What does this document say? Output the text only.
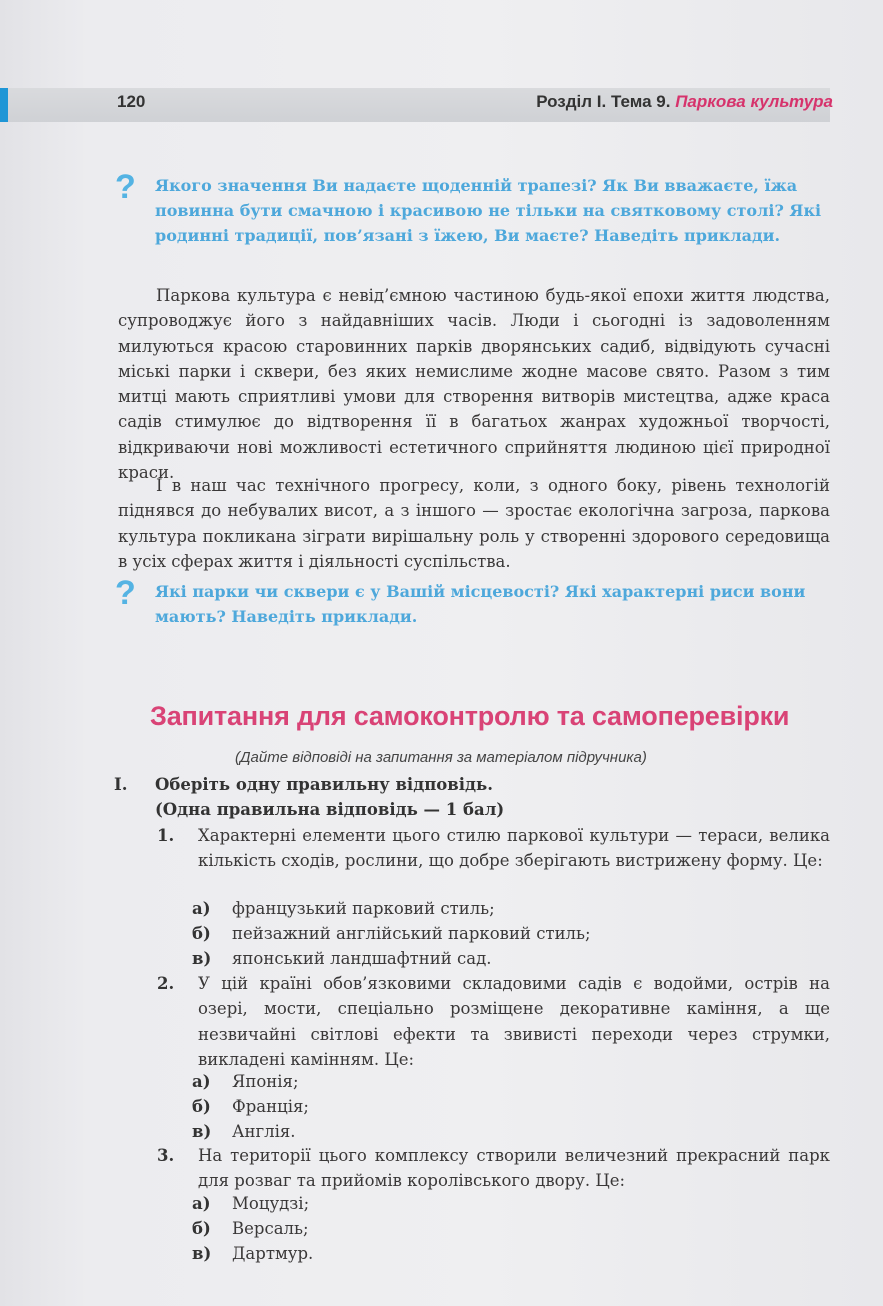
120	Розділ І. Тема 9. Паркова культура
? Якого значення Ви надаєте щоденній трапезі? Як Ви вважаєте, їжа повинна бути смачною і красивою не тільки на святковому столі? Які родинні традиції, пов’язані з їжею, Ви маєте? Наведіть приклади.

Паркова культура є невід’ємною частиною будь-якої епохи життя людства, супроводжує його з найдавніших часів. Люди і сьогодні із задоволенням милуються красою старовинних парків дворянських садиб, відвідують сучасні міські парки і сквери, без яких немислиме жодне масове свято. Разом з тим митці мають сприятливі умови для створення витворів мистецтва, адже краса садів стимулює до відтворення її в багатьох жанрах художньої творчості, відкриваючи нові можливості естетичного сприйняття людиною цієї природної краси.

І в наш час технічного прогресу, коли, з одного боку, рівень технологій піднявся до небувалих висот, а з іншого — зростає екологічна загроза, паркова культура покликана зіграти вирішальну роль у створенні здорового середовища в усіх сферах життя і діяльності суспільства.

? Які парки чи сквери є у Вашій місцевості? Які характерні риси вони мають? Наведіть приклади.
Запитання для самоконтролю та самоперевірки
(Дайте відповіді на запитання за матеріалом підручника)
I. Оберіть одну правильну відповідь.
(Одна правильна відповідь — 1 бал)
1. Характерні елементи цього стилю паркової культури — тераси, велика кількість сходів, рослини, що добре зберігають вистрижену форму. Це:
а) французький парковий стиль;
б) пейзажний англійський парковий стиль;
в) японський ландшафтний сад.
2. У цій країні обов’язковими складовими садів є водойми, острів на озері, мости, спеціально розміщене декоративне каміння, а ще незвичайні світлові ефекти та звивисті переходи через струмки, викладені камінням. Це:
а) Японія;
б) Франція;
в) Англія.
3. На території цього комплексу створили величезний прекрасний парк для розваг та прийомів королівського двору. Це:
а) Моцудзі;
б) Версаль;
в) Дартмур.
